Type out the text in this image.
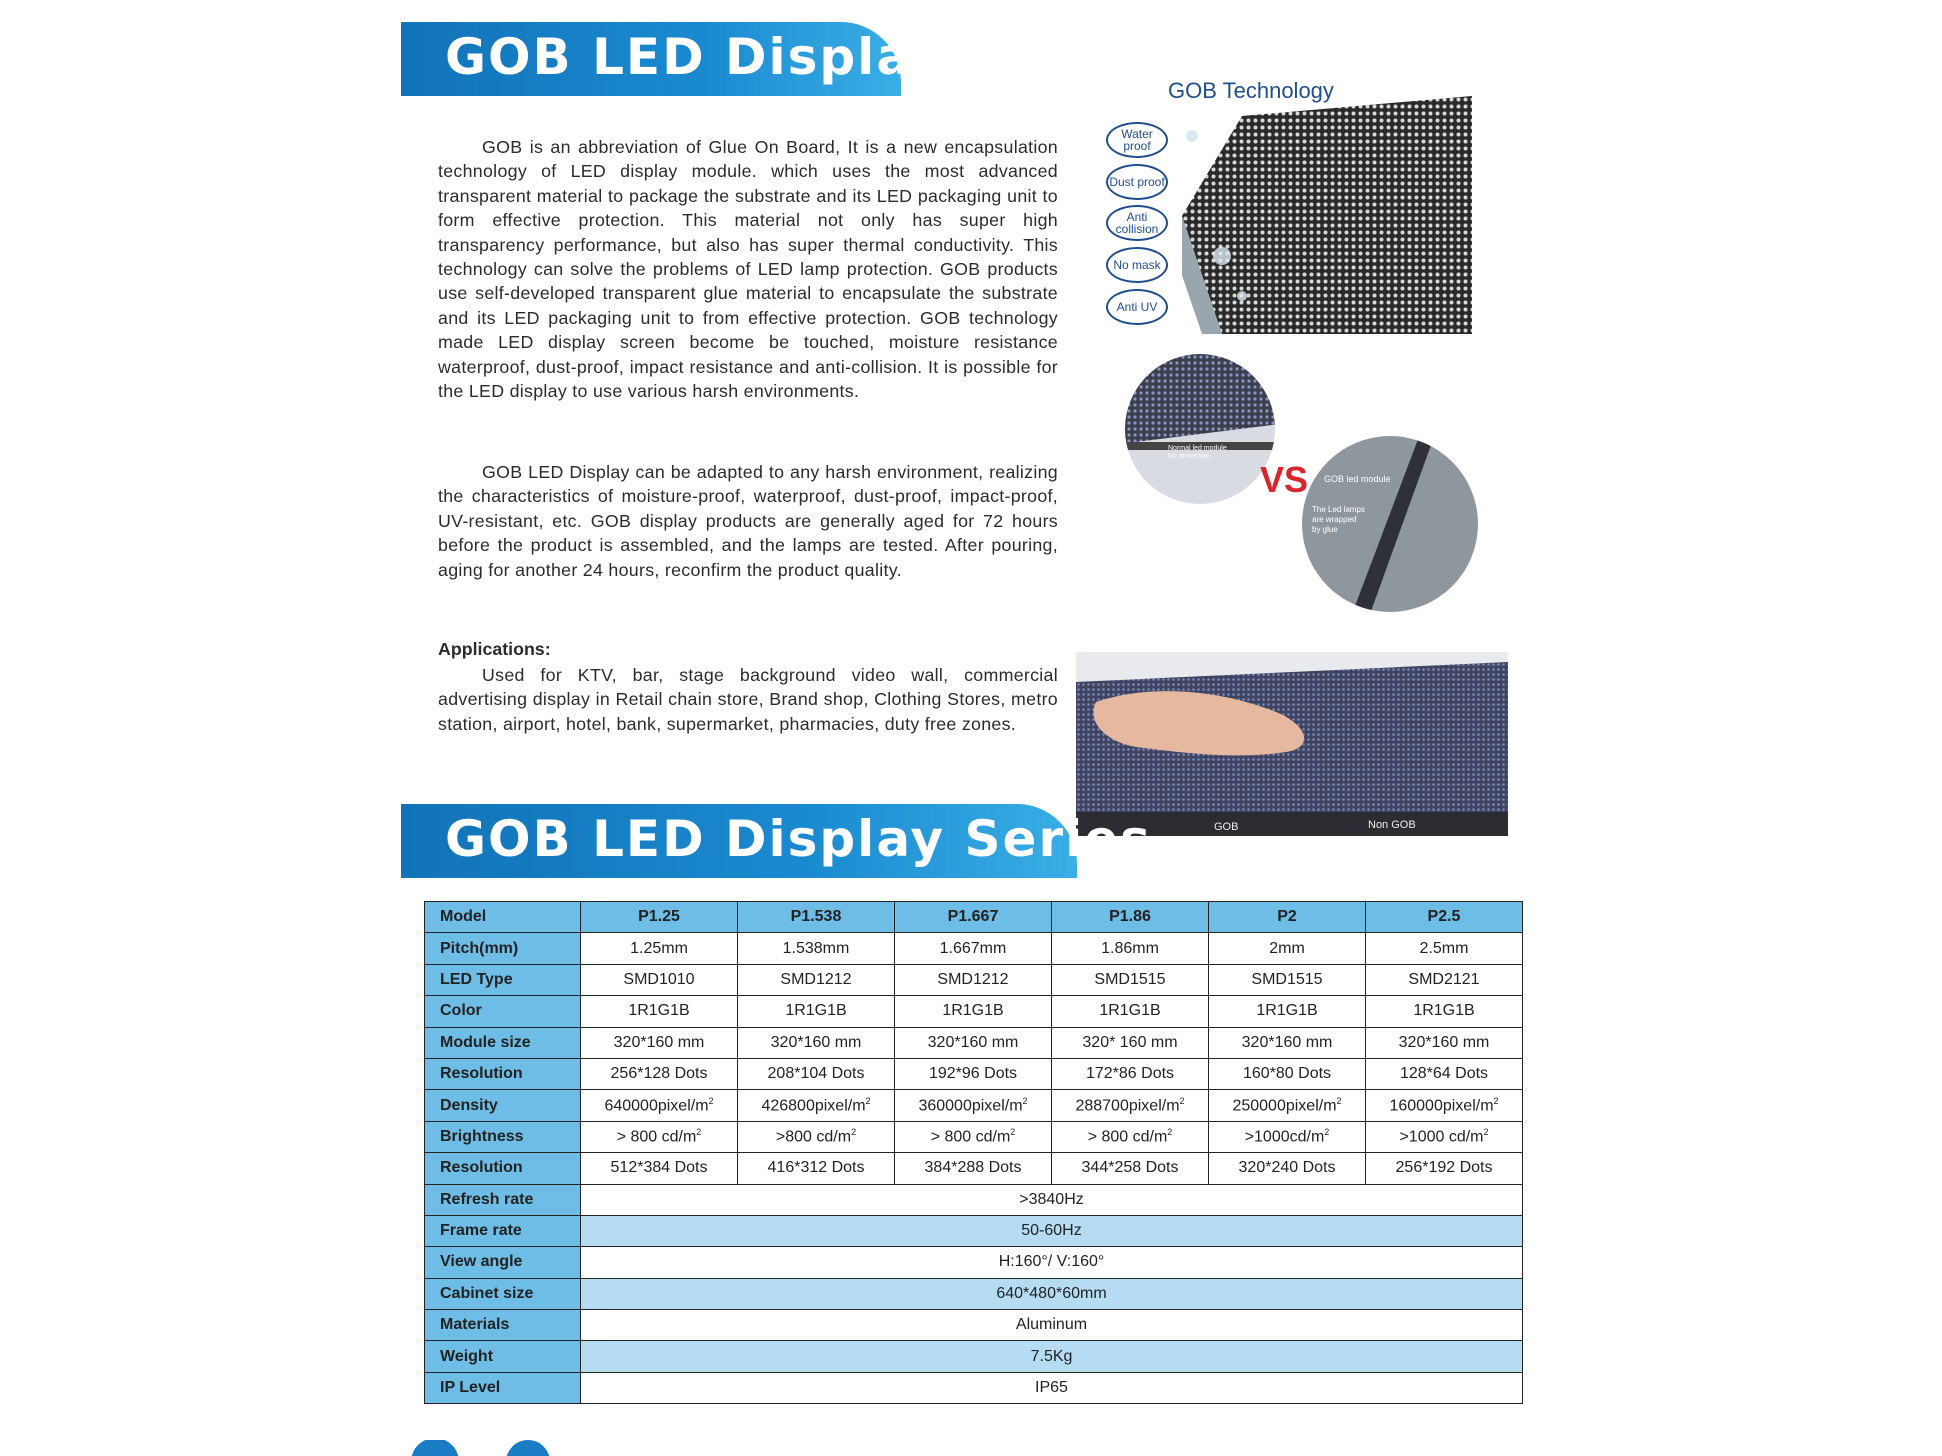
GOB LED Display
GOB is an abbreviation of Glue On Board, It is a new encapsulation technology of LED display module. which uses the most advanced transparent material to package the substrate and its LED packaging unit to form effective protection. This material not only has super high transparency performance, but also has super thermal conductivity. This technology can solve the problems of LED lamp protection. GOB products use self-developed transparent glue material to encapsulate the substrate and its LED packaging unit to from effective protection. GOB technology made LED display screen become be touched, moisture resistance waterproof, dust-proof, impact resistance and anti-collision. It is possible for the LED display to use various harsh environments.
GOB LED Display can be adapted to any harsh environment, realizing the characteristics of moisture-proof, waterproof, dust-proof, impact-proof, UV-resistant, etc. GOB display products are generally aged for 72 hours before the product is assembled, and the lamps are tested. After pouring, aging for another 24 hours, reconfirm the product quality.
Applications:
Used for KTV, bar, stage background video wall, commercial advertising display in Retail chain store, Brand shop, Clothing Stores, metro station, airport, hotel, bank, supermarket, pharmacies, duty free zones.
GOB Technology
Water proof
Dust proof
Anti collision
No mask
Anti UV
Normal led module
No protection
VS GOB led module
The Led lamps
are wrapped
by glue
GOB	Non GOB
GOB LED Display Series
Model	P1.25	P1.538	P1.667	P1.86	P2	P2.5
Pitch(mm)	1.25mm	1.538mm	1.667mm	1.86mm	2mm	2.5mm
LED Type	SMD1010	SMD1212	SMD1212	SMD1515	SMD1515	SMD2121
Color	1R1G1B	1R1G1B	1R1G1B	1R1G1B	1R1G1B	1R1G1B
Module size	320*160 mm	320*160 mm	320*160 mm	320* 160 mm	320*160 mm	320*160 mm
Resolution	256*128 Dots	208*104 Dots	192*96 Dots	172*86 Dots	160*80 Dots	128*64 Dots
Density	$640000pixel/m^2$	$426800pixel/m^2$	$360000pixel/m^2$	$288700pixel/m^2$	$250000pixel/m^2$	$160000pixel/m^2$
Brightness	> 800 $cd/m^2$	>800 $cd/m^2$	> 800 $cd/m^2$	> 800 $cd/m^2$	$>1000cd/m^2$	>1000 $cd/m^2$
Resolution	512*384 Dots	416*312 Dots	384*288 Dots	344*258 Dots	320*240 Dots	256*192 Dots
Refresh rate	>3840Hz					
Frame rate	50-60Hz					
View angle	H:160°/ V:160°					
Cabinet size	640*480*60mm					
Materials	Aluminum					
Weight	7.5Kg					
IP Level	IP65					
